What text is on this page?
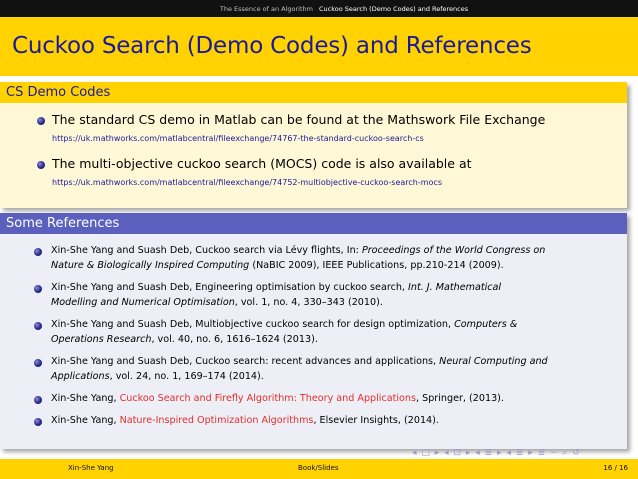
The Essence of an Algorithm Cuckoo Search (Demo Codes) and References
Cuckoo Search (Demo Codes) and References
CS Demo Codes
The standard CS demo in Matlab can be found at the Mathswork File Exchange
https://uk.mathworks.com/matlabcentral/fileexchange/74767-the-standard-cuckoo-search-cs
The multi-objective cuckoo search (MOCS) code is also available at
https://uk.mathworks.com/matlabcentral/fileexchange/74752-multiobjective-cuckoo-search-mocs
Some References
Xin-She Yang and Suash Deb, Cuckoo search via Lévy flights, In: Proceedings of the World Congress on
Nature & Biologically Inspired Computing (NaBIC 2009), IEEE Publications, pp.210-214 (2009).
Xin-She Yang and Suash Deb, Engineering optimisation by cuckoo search, Int. J. Mathematical
Modelling and Numerical Optimisation, vol. 1, no. 4, 330–343 (2010).
Xin-She Yang and Suash Deb, Multiobjective cuckoo search for design optimization, Computers &
Operations Research, vol. 40, no. 6, 1616–1624 (2013).
Xin-She Yang and Suash Deb, Cuckoo search: recent advances and applications, Neural Computing and
Applications, vol. 24, no. 1, 169–174 (2014).
Xin-She Yang, Cuckoo Search and Firefly Algorithm: Theory and Applications, Springer, (2013).
Xin-She Yang, Nature-Inspired Optimization Algorithms, Elsevier Insights, (2014).
◂ □ ▸ ◂ ⊡ ▸ ◂ ≣ ▸ ◂ ≣ ▸ ≣ ∽ ⌕ ↺
Xin-She Yang	Book/Slides	16 / 16
